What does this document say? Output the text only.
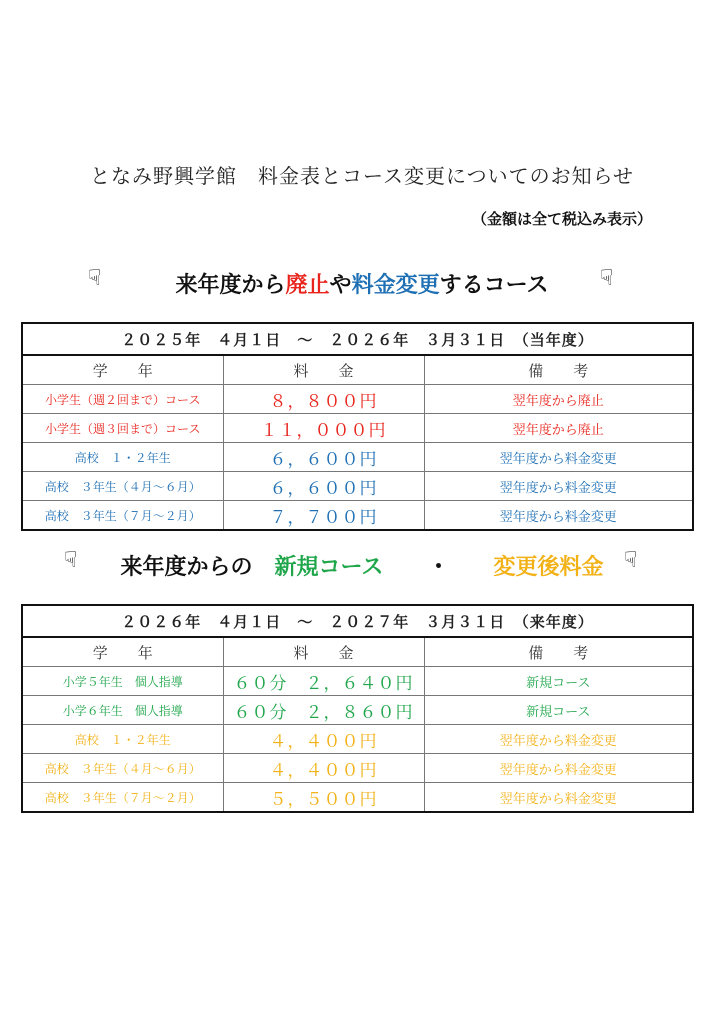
となみ野興学館　料金表とコース変更についてのお知らせ
（金額は全て税込み表示）
☟	来年度から廃止や料金変更するコース ☟
２０２５年　４月１日　～　２０２６年　３月３１日　（当年度）		
学　　年	料　　金	備　　考
小学生（週２回まで）コース	８，８００円	翌年度から廃止
小学生（週３回まで）コース	１１，０００円	翌年度から廃止
高校　１・２年生	６，６００円	翌年度から料金変更
高校　３年生（４月～６月）	６，６００円	翌年度から料金変更
高校　３年生（７月～２月）	７，７００円	翌年度から料金変更
☟ 来年度からの　 新規コース　　 ・　　 変更後料金 ☟
２０２６年　４月１日　～　２０２７年　３月３１日　（来年度）		
学　　年	料　　金	備　　考
小学５年生　個人指導	６０分　２，６４０円	新規コース
小学６年生　個人指導	６０分　２，８６０円	新規コース
高校　１・２年生	４，４００円	翌年度から料金変更
高校　３年生（４月～６月）	４，４００円	翌年度から料金変更
高校　３年生（７月～２月）	５，５００円	翌年度から料金変更
